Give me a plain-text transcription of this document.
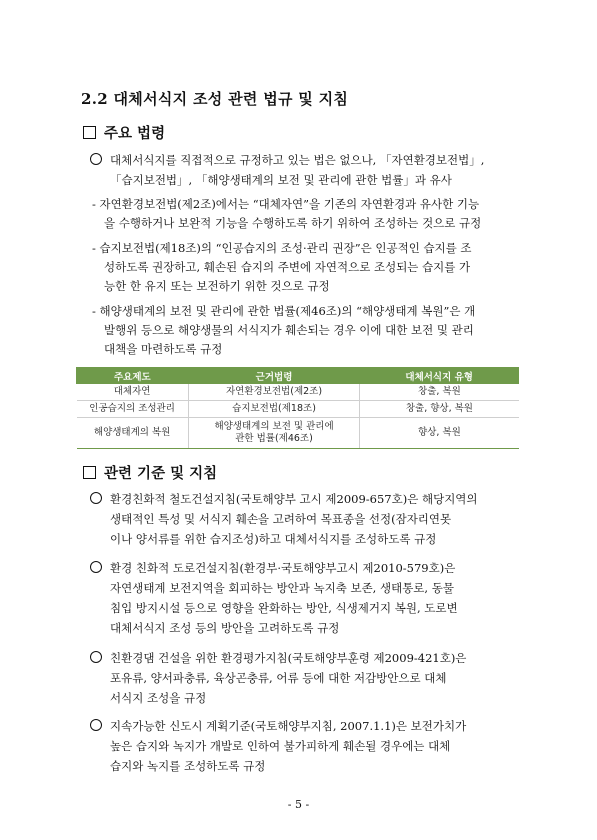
2.2 대체서식지 조성 관련 법규 및 지침
주요 법령
대체서식지를 직접적으로 규정하고 있는 법은 없으나, 「자연환경보전법」,
「습지보전법」, 「해양생태계의 보전 및 관리에 관한 법률」과 유사
- 자연환경보전법(제2조)에서는 “대체자연”을 기존의 자연환경과 유사한 기능
을 수행하거나 보완적 기능을 수행하도록 하기 위하여 조성하는 것으로 규정
- 습지보전법(제18조)의 “인공습지의 조성·관리 권장”은 인공적인 습지를 조
성하도록 권장하고, 훼손된 습지의 주변에 자연적으로 조성되는 습지를 가
능한 한 유지 또는 보전하기 위한 것으로 규정
- 해양생태계의 보전 및 관리에 관한 법률(제46조)의 “해양생태계 복원”은 개
발행위 등으로 해양생물의 서식지가 훼손되는 경우 이에 대한 보전 및 관리
대책을 마련하도록 규정
주요제도	근거법령	대체서식지 유형
대체자연	자연환경보전법(제2조)	창출, 복원
인공습지의 조성관리	습지보전법(제18조)	창출, 향상, 복원
해양생태계의 복원	해양생태계의 보전 및 관리에
관한 법률(제46조)	향상, 복원
관련 기준 및 지침
환경친화적 철도건설지침(국토해양부 고시 제2009-657호)은 해당지역의
생태적인 특성 및 서식지 훼손을 고려하여 목표종을 선정(잠자리연못
이나 양서류를 위한 습지조성)하고 대체서식지를 조성하도록 규정
환경 친화적 도로건설지침(환경부·국토해양부고시 제2010-579호)은
자연생태계 보전지역을 회피하는 방안과 녹지축 보존, 생태통로, 동물
침입 방지시설 등으로 영향을 완화하는 방안, 식생제거지 복원, 도로변
대체서식지 조성 등의 방안을 고려하도록 규정
친환경댐 건설을 위한 환경평가지침(국토해양부훈령 제2009-421호)은
포유류, 양서파충류, 육상곤충류, 어류 등에 대한 저감방안으로 대체
서식지 조성을 규정
지속가능한 신도시 계획기준(국토해양부지침, 2007.1.1)은 보전가치가
높은 습지와 녹지가 개발로 인하여 불가피하게 훼손될 경우에는 대체
습지와 녹지를 조성하도록 규정
- 5 -
